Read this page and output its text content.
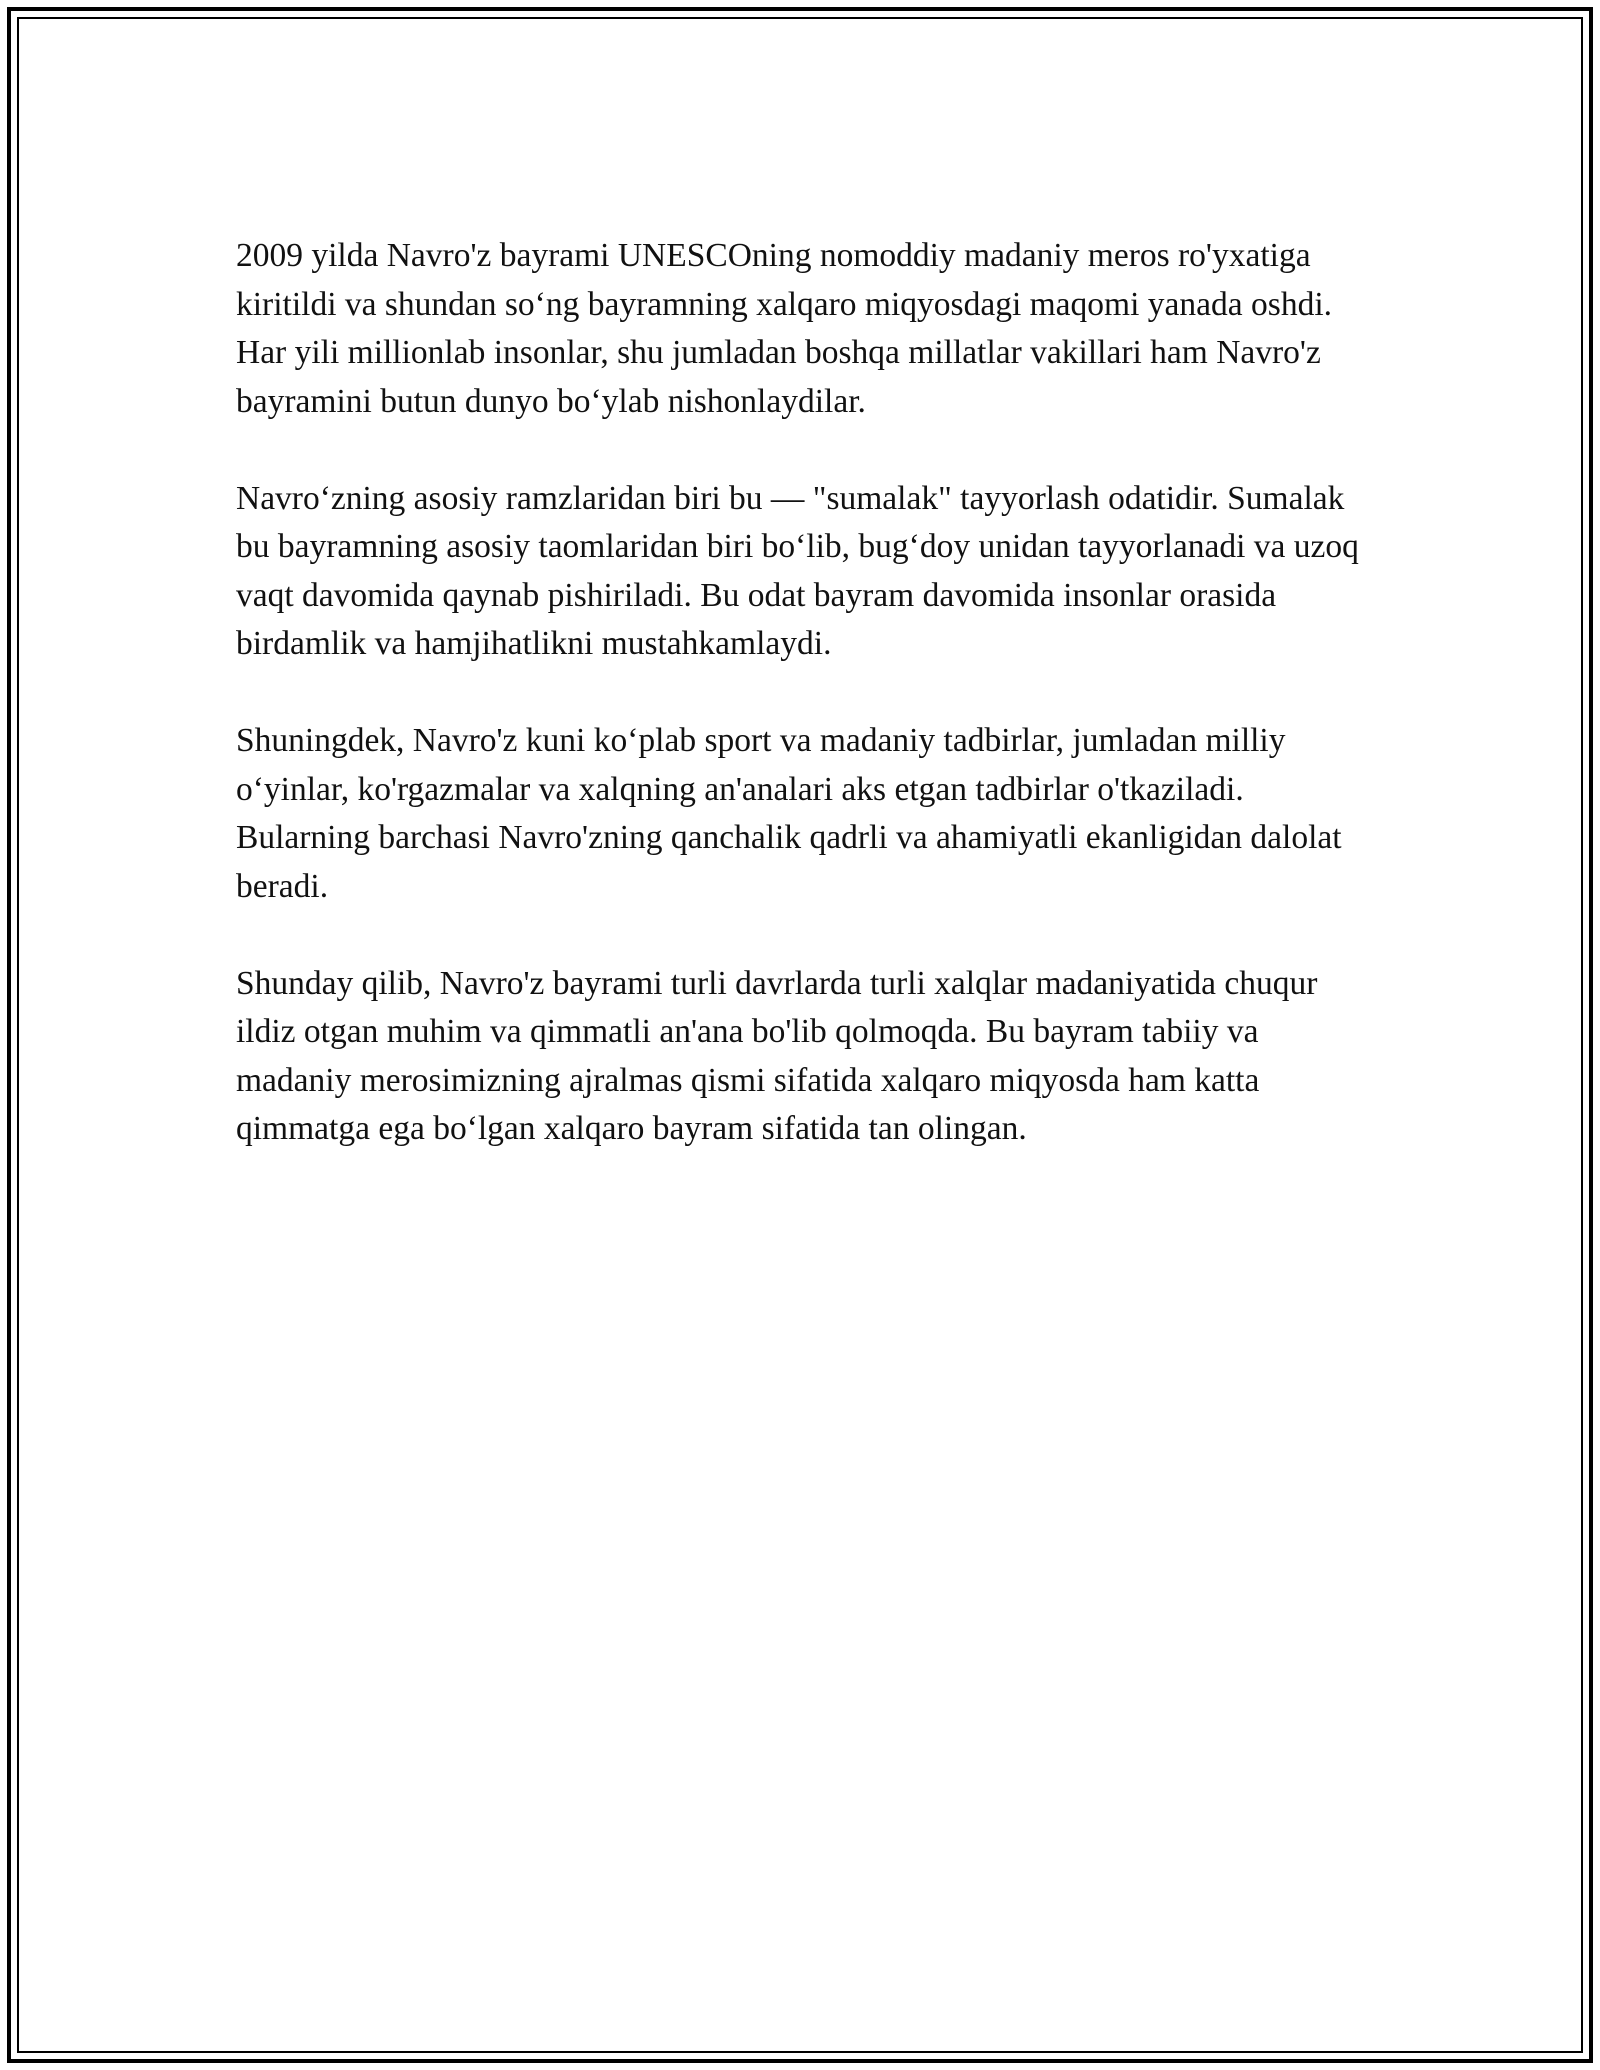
2009 yilda Navro'z bayrami UNESCOning nomoddiy madaniy meros ro'yxatiga kiritildi va shundan so‘ng bayramning xalqaro miqyosdagi maqomi yanada oshdi. Har yili millionlab insonlar, shu jumladan boshqa millatlar vakillari ham Navro'z bayramini butun dunyo bo‘ylab nishonlaydilar.

Navro‘zning asosiy ramzlaridan biri bu — "sumalak" tayyorlash odatidir. Sumalak bu bayramning asosiy taomlaridan biri bo‘lib, bug‘doy unidan tayyorlanadi va uzoq vaqt davomida qaynab pishiriladi. Bu odat bayram davomida insonlar orasida birdamlik va hamjihatlikni mustahkamlaydi.

Shuningdek, Navro'z kuni ko‘plab sport va madaniy tadbirlar, jumladan milliy o‘yinlar, ko'rgazmalar va xalqning an'analari aks etgan tadbirlar o'tkaziladi. Bularning barchasi Navro'zning qanchalik qadrli va ahamiyatli ekanligidan dalolat beradi.

Shunday qilib, Navro'z bayrami turli davrlarda turli xalqlar madaniyatida chuqur ildiz otgan muhim va qimmatli an'ana bo'lib qolmoqda. Bu bayram tabiiy va madaniy merosimizning ajralmas qismi sifatida xalqaro miqyosda ham katta qimmatga ega bo‘lgan xalqaro bayram sifatida tan olingan.
